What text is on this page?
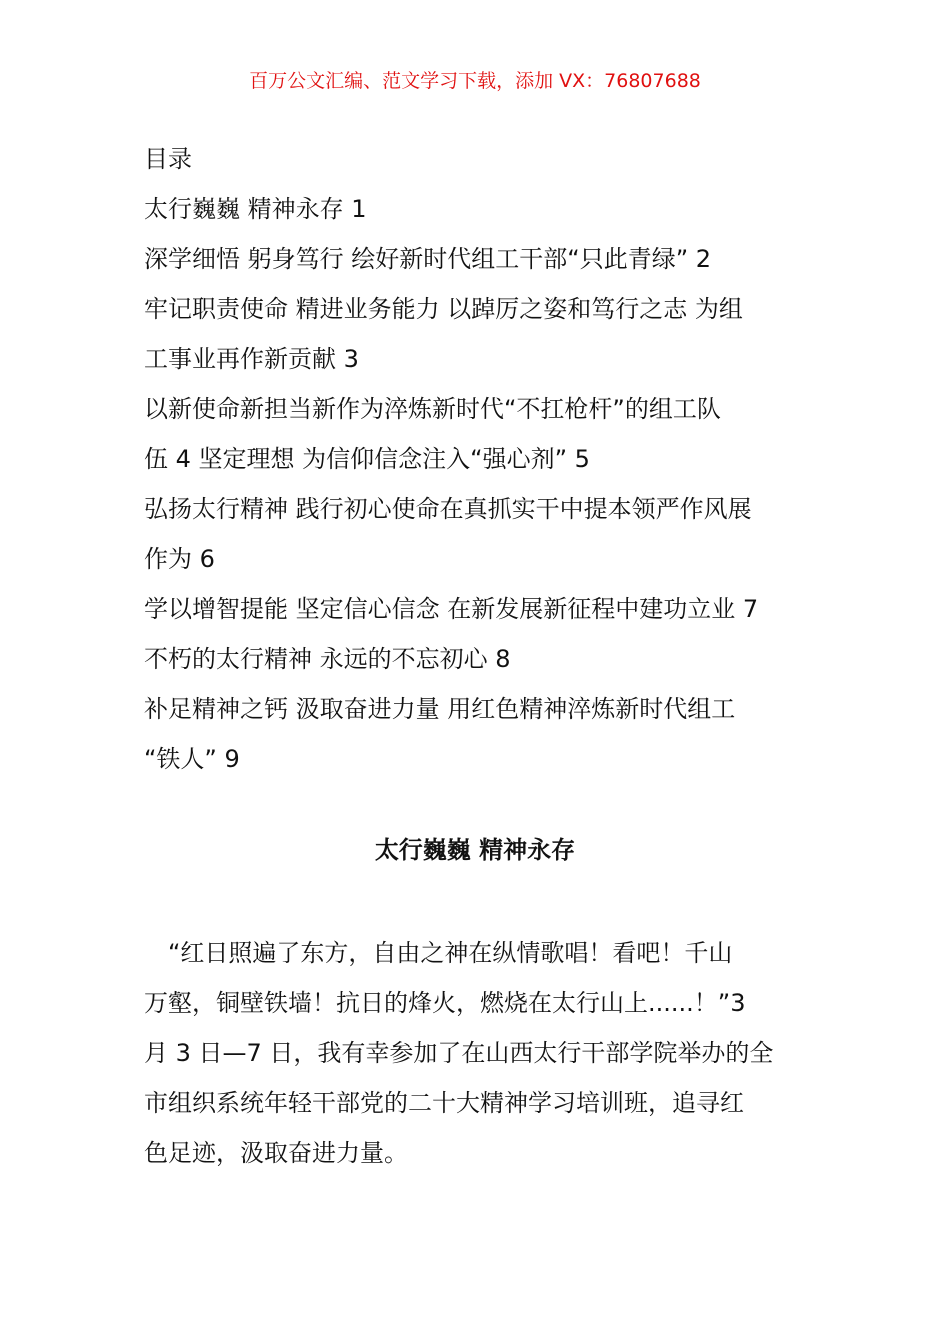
百万公文汇编、范文学习下载，添加 VX：76807688

目录

太行巍巍 精神永存 1

深学细悟 躬身笃行 绘好新时代组工干部“只此青绿” 2

牢记职责使命 精进业务能力 以踔厉之姿和笃行之志 为组

工事业再作新贡献 3

以新使命新担当新作为淬炼新时代“不扛枪杆”的组工队

伍 4 坚定理想 为信仰信念注入“强心剂” 5

弘扬太行精神 践行初心使命在真抓实干中提本领严作风展

作为 6

学以增智提能 坚定信心信念 在新发展新征程中建功立业 7

不朽的太行精神 永远的不忘初心 8

补足精神之钙 汲取奋进力量 用红色精神淬炼新时代组工

“铁人” 9

太行巍巍 精神永存

　“红日照遍了东方，自由之神在纵情歌唱！看吧！千山

万壑，铜壁铁墙！抗日的烽火，燃烧在太行山上......！”3

月 3 日—7 日，我有幸参加了在山西太行干部学院举办的全

市组织系统年轻干部党的二十大精神学习培训班，追寻红

色足迹，汲取奋进力量。
